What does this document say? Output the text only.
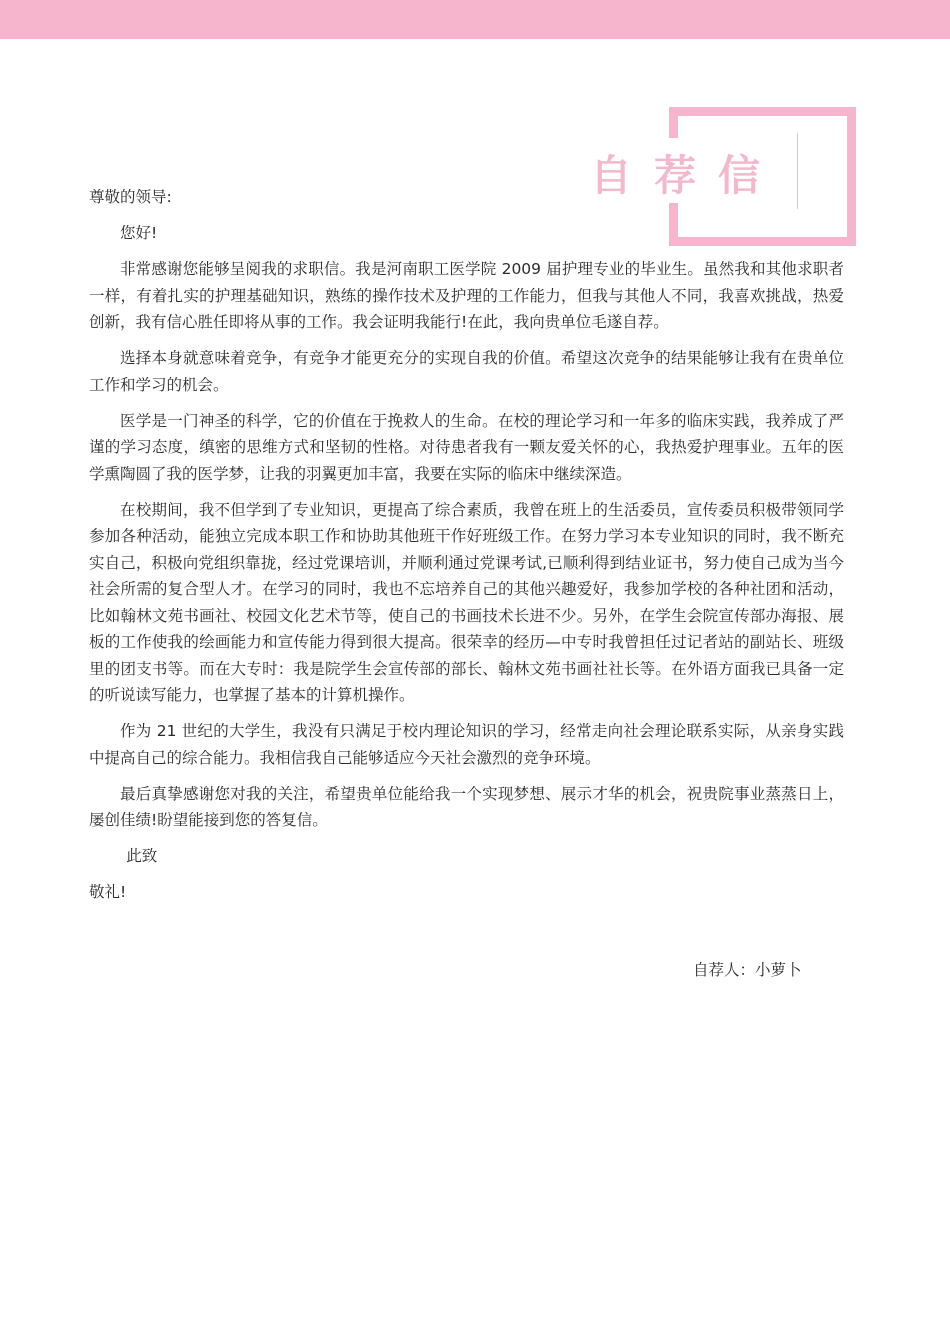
自荐信

尊敬的领导:

您好!

非常感谢您能够呈阅我的求职信。我是河南职工医学院 2009 届护理专业的毕业生。虽然我和其他求职者一样，有着扎实的护理基础知识，熟练的操作技术及护理的工作能力，但我与其他人不同，我喜欢挑战，热爱创新，我有信心胜任即将从事的工作。我会证明我能行!在此，我向贵单位毛遂自荐。

选择本身就意味着竞争，有竞争才能更充分的实现自我的价值。希望这次竞争的结果能够让我有在贵单位工作和学习的机会。

医学是一门神圣的科学，它的价值在于挽救人的生命。在校的理论学习和一年多的临床实践，我养成了严谨的学习态度，缜密的思维方式和坚韧的性格。对待患者我有一颗友爱关怀的心，我热爱护理事业。五年的医学熏陶圆了我的医学梦，让我的羽翼更加丰富，我要在实际的临床中继续深造。

在校期间，我不但学到了专业知识，更提高了综合素质，我曾在班上的生活委员，宣传委员积极带领同学参加各种活动，能独立完成本职工作和协助其他班干作好班级工作。在努力学习本专业知识的同时，我不断充实自己，积极向党组织靠拢，经过党课培训，并顺利通过党课考试,已顺利得到结业证书，努力使自己成为当今社会所需的复合型人才。在学习的同时，我也不忘培养自己的其他兴趣爱好，我参加学校的各种社团和活动，比如翰林文苑书画社、校园文化艺术节等，使自己的书画技术长进不少。另外，在学生会院宣传部办海报、展板的工作使我的绘画能力和宣传能力得到很大提高。很荣幸的经历—中专时我曾担任过记者站的副站长、班级里的团支书等。而在大专时：我是院学生会宣传部的部长、翰林文苑书画社社长等。在外语方面我已具备一定的听说读写能力，也掌握了基本的计算机操作。

作为 21 世纪的大学生，我没有只满足于校内理论知识的学习，经常走向社会理论联系实际，从亲身实践中提高自己的综合能力。我相信我自己能够适应今天社会激烈的竞争环境。

最后真挚感谢您对我的关注，希望贵单位能给我一个实现梦想、展示才华的机会，祝贵院事业蒸蒸日上，屡创佳绩!盼望能接到您的答复信。

此致

敬礼!

自荐人：小萝卜
